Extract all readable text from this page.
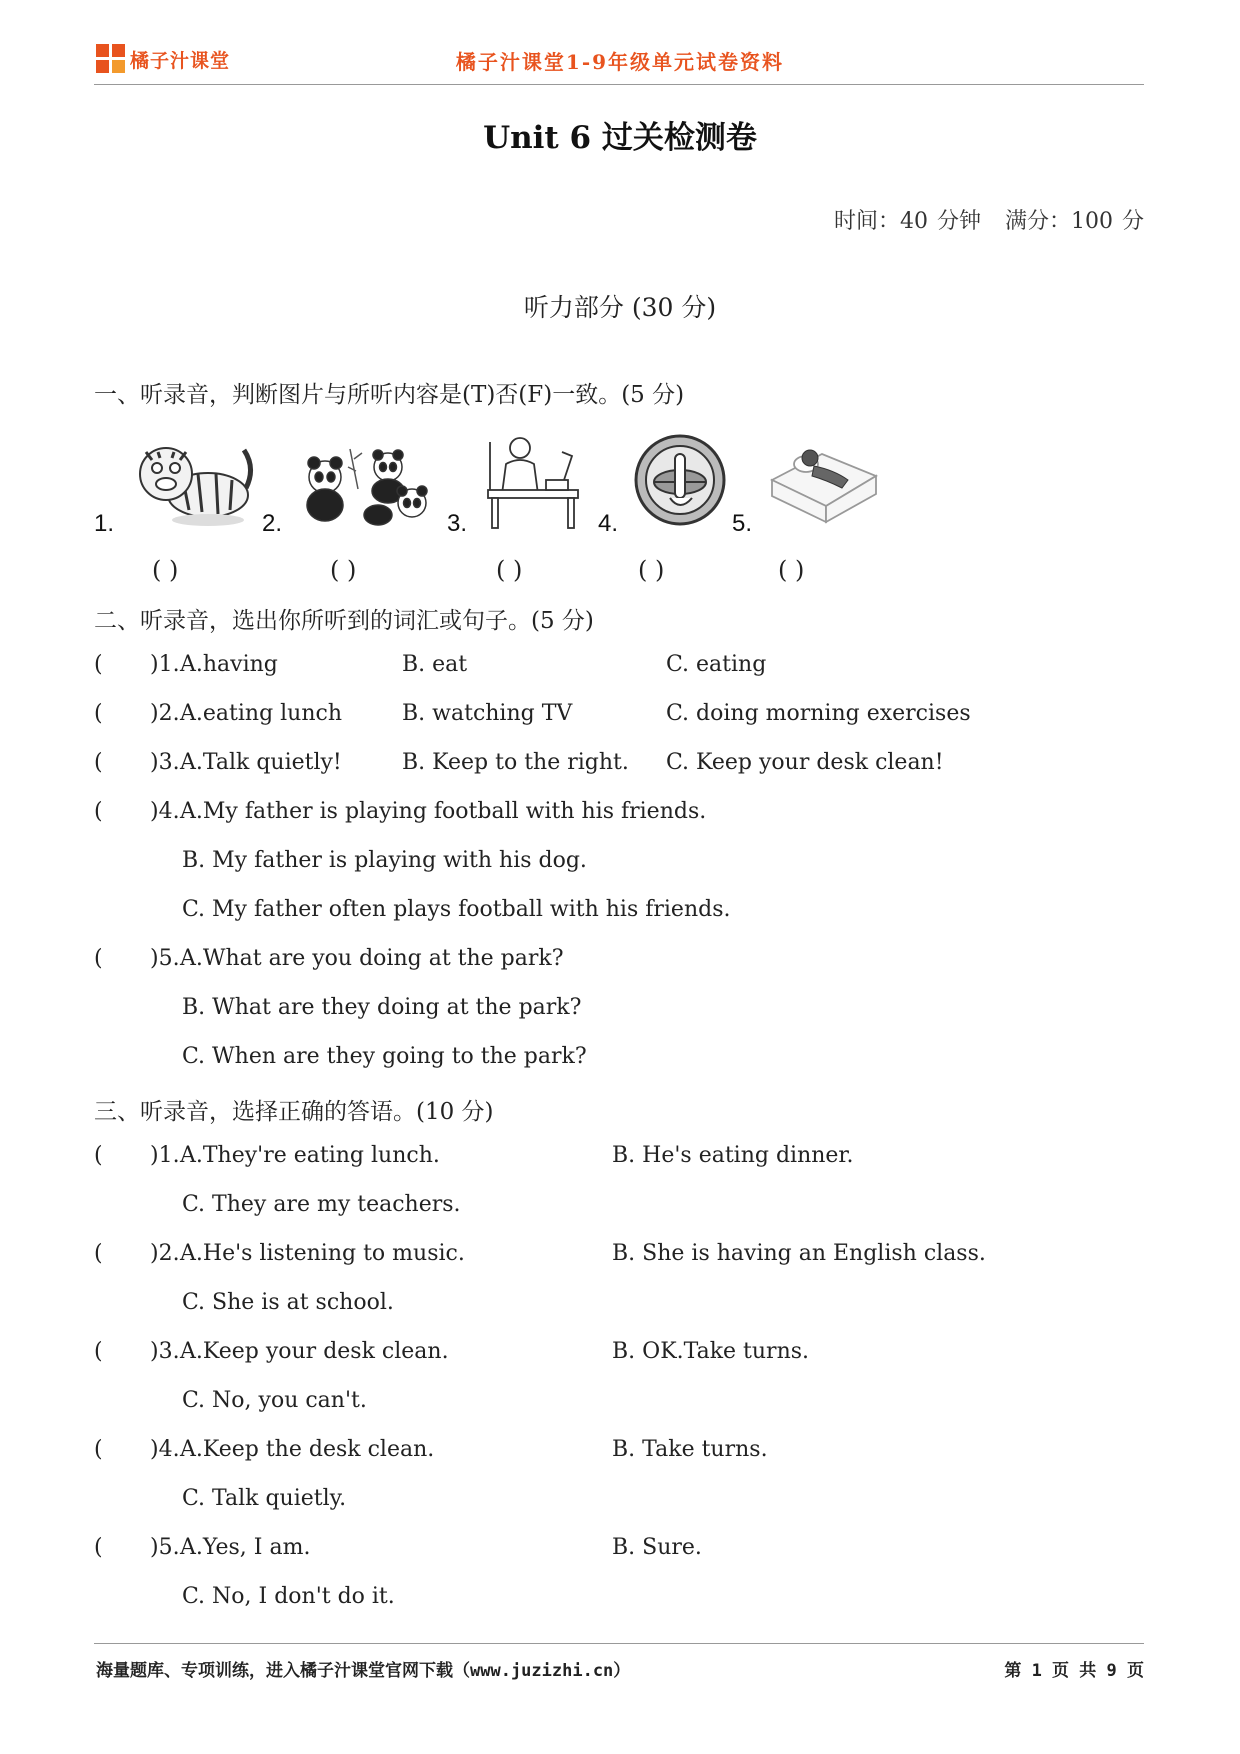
橘子汁课堂	橘子汁课堂1-9年级单元试卷资料
Unit 6 过关检测卷
时间：40 分钟 满分：100 分
听力部分 (30 分)
一、听录音，判断图片与所听内容是(T)否(F)一致。(5 分)
1.	2.	3.	4.	5.
( )	( )	( )	( )	( )
二、听录音，选出你所听到的词汇或句子。(5 分)
( )1. A.having	B. eat	C. eating
( )2. A.eating lunch	B. watching TV	C. doing morning exercises
( )3. A.Talk quietly!	B. Keep to the right. C. Keep your desk clean!
( )4. A.My father is playing football with his friends.
B. My father is playing with his dog.
C. My father often plays football with his friends.
( )5. A.What are you doing at the park?
B. What are they doing at the park?
C. When are they going to the park?
三、听录音，选择正确的答语。(10 分)
( )1. A.They're eating lunch.	B. He's eating dinner.
C. They are my teachers.
( )2. A.He's listening to music.	B. She is having an English class.
C. She is at school.
( )3. A.Keep your desk clean.	B. OK.Take turns.
C. No, you can't.
( )4. A.Keep the desk clean.	B. Take turns.
C. Talk quietly.
( )5. A.Yes, I am.	B. Sure.
C. No, I don't do it.
海量题库、专项训练，进入橘子汁课堂官网下载（www.juzizhi.cn）	第 1 页 共 9 页
